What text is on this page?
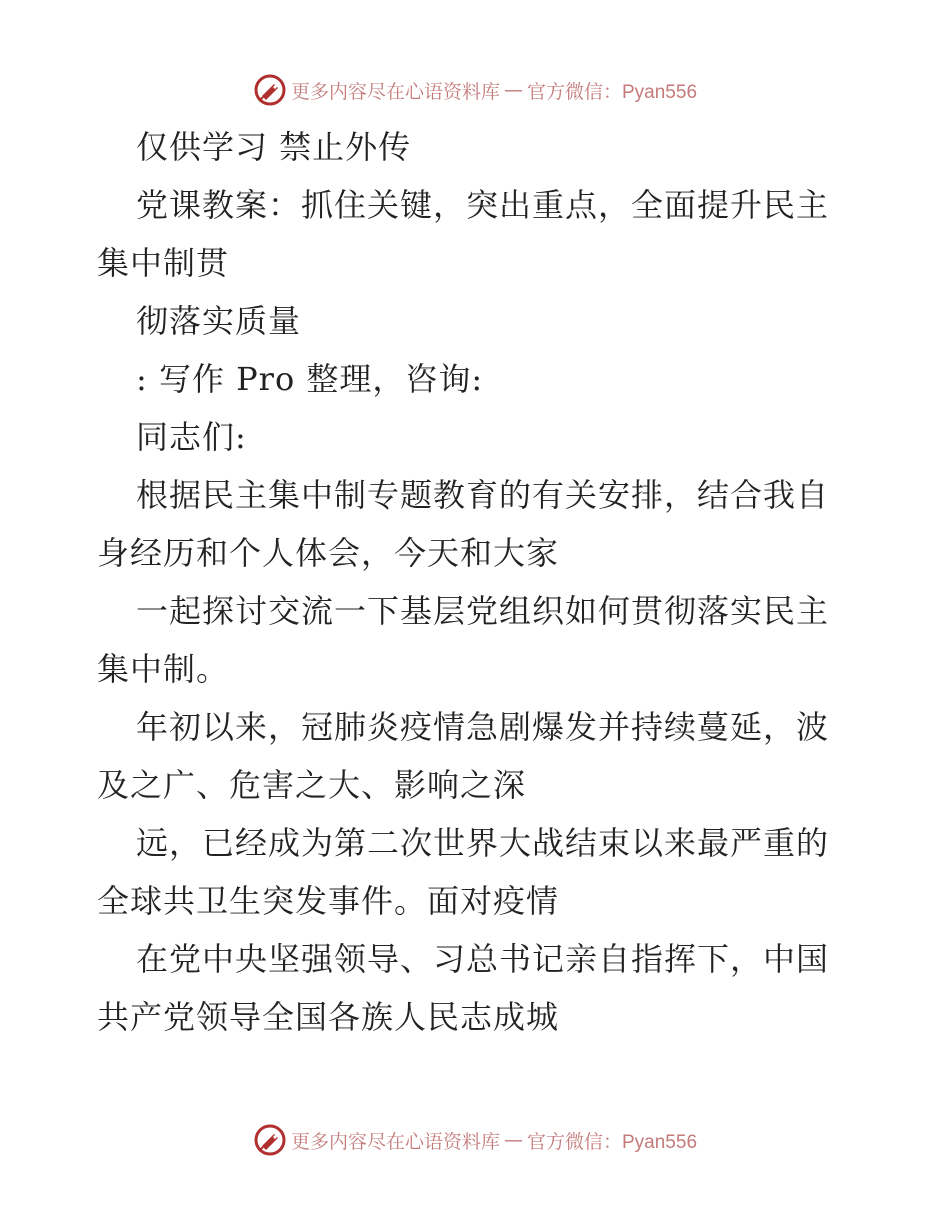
更多内容尽在心语资料库 — 官方微信：Pyan556
仅供学习 禁止外传
党课教案：抓住关键，突出重点，全面提升民主
集中制贯
彻落实质量
: 写作 Pro 整理，咨询:
同志们:
根据民主集中制专题教育的有关安排，结合我自
身经历和个人体会，今天和大家
一起探讨交流一下基层党组织如何贯彻落实民主
集中制。
年初以来，冠肺炎疫情急剧爆发并持续蔓延，波
及之广、危害之大、影响之深
远，已经成为第二次世界大战结束以来最严重的
全球共卫生突发事件。面对疫情
在党中央坚强领导、习总书记亲自指挥下，中国
共产党领导全国各族人民志成城
更多内容尽在心语资料库 — 官方微信：Pyan556
